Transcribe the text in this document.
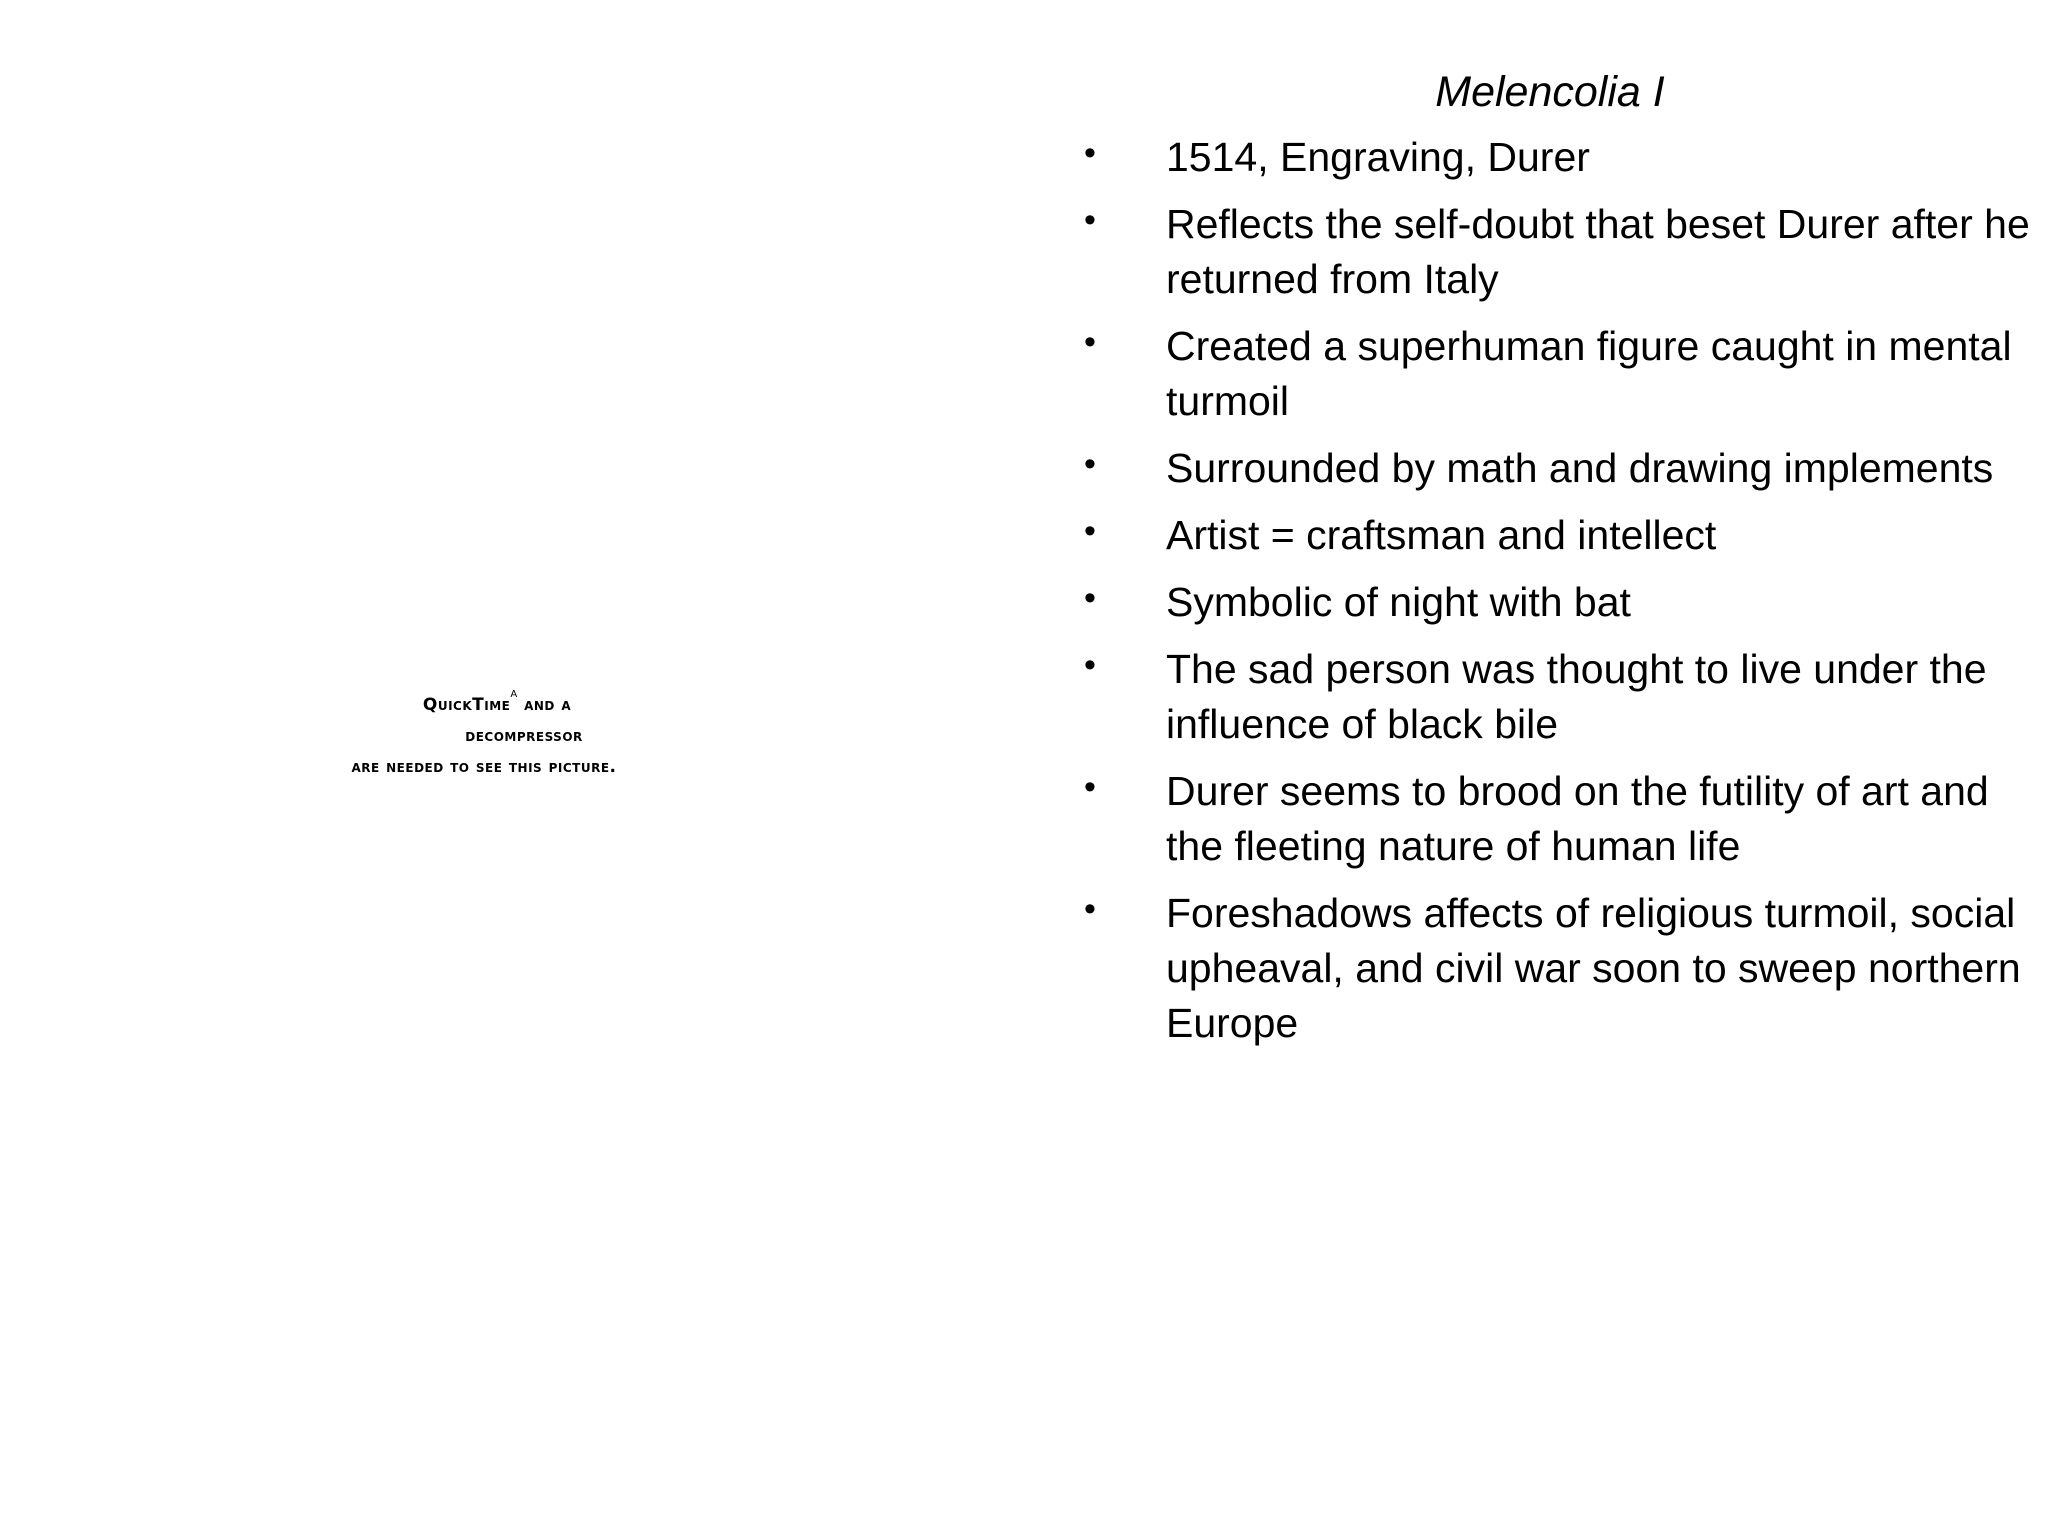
QuickTime$^a$ and a
decompressor
are needed to see this picture.
Melencolia I
• 1514, Engraving, Durer
• Reflects the self-doubt that beset Durer after he returned from Italy
• Created a superhuman figure caught in mental turmoil
• Surrounded by math and drawing implements
• Artist = craftsman and intellect
• Symbolic of night with bat
• The sad person was thought to live under the influence of black bile
• Durer seems to brood on the futility of art and the fleeting nature of human life
• Foreshadows affects of religious turmoil, social upheaval, and civil war soon to sweep northern Europe
